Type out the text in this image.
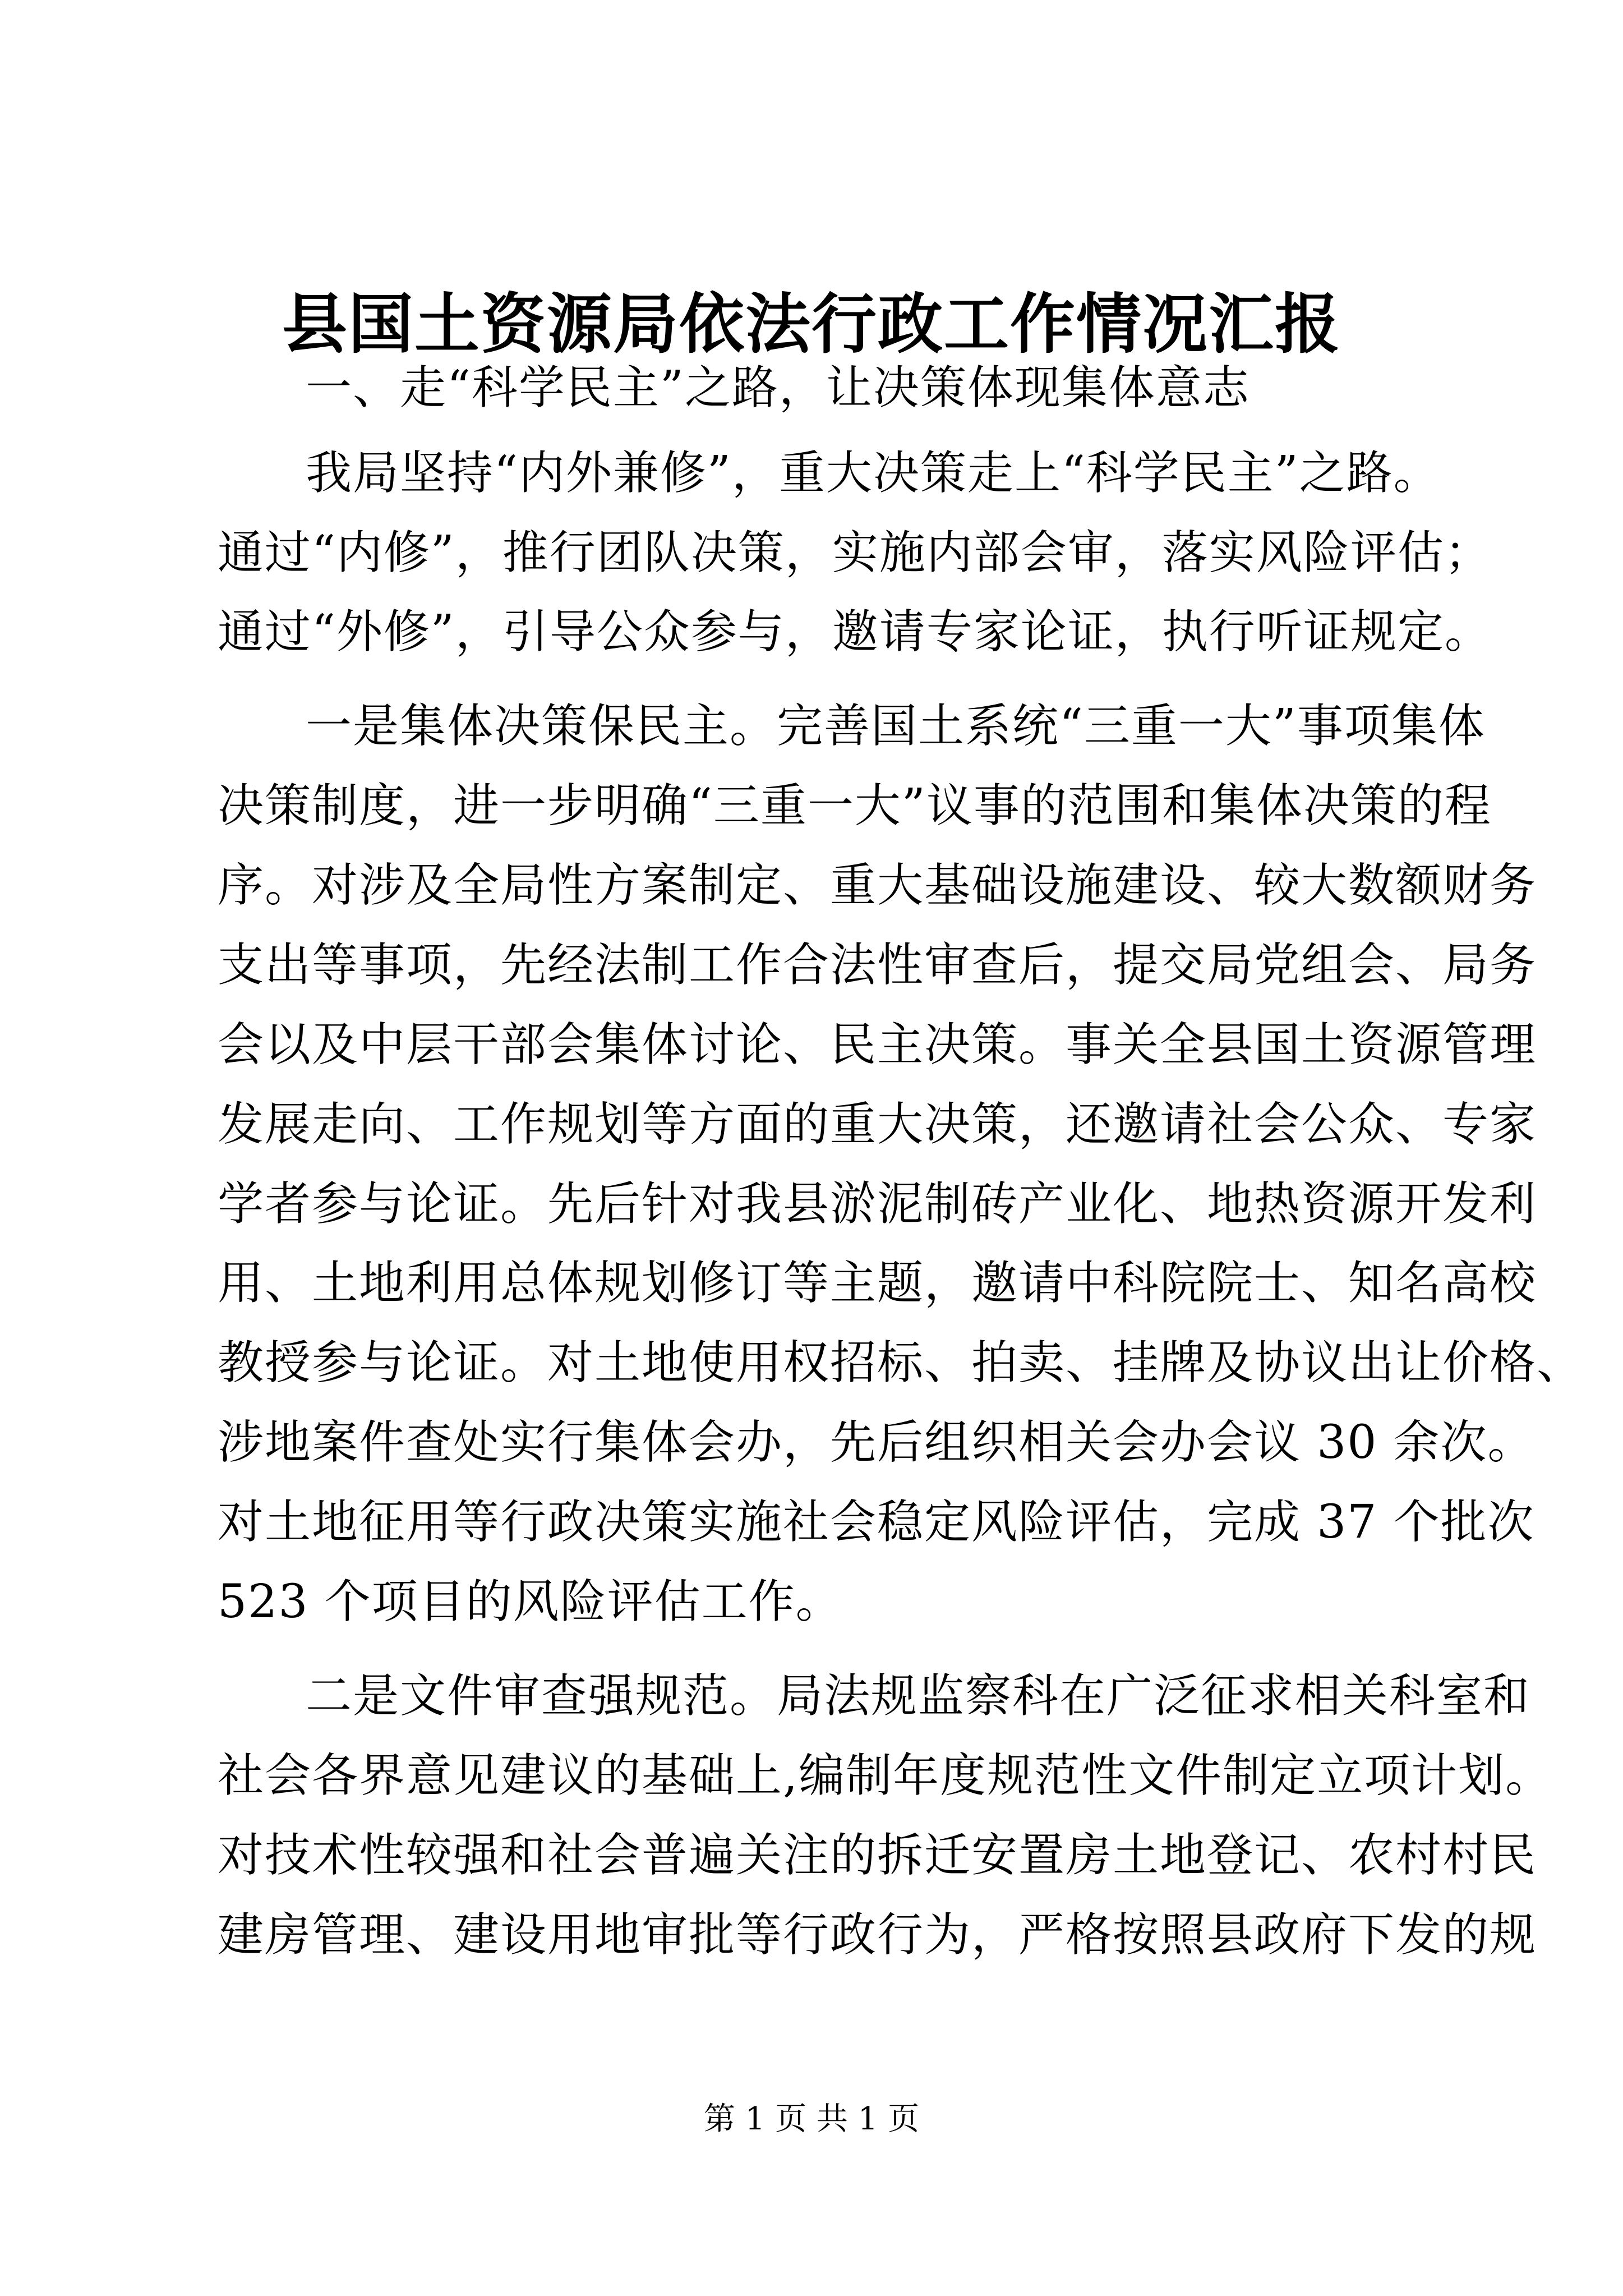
县国土资源局依法行政工作情况汇报
一、走“科学民主”之路，让决策体现集体意志
我局坚持“内外兼修”，重大决策走上“科学民主”之路。
通过“内修”，推行团队决策，实施内部会审，落实风险评估；
通过“外修”，引导公众参与，邀请专家论证，执行听证规定。
一是集体决策保民主。完善国土系统“三重一大”事项集体
决策制度，进一步明确“三重一大”议事的范围和集体决策的程
序。对涉及全局性方案制定、重大基础设施建设、较大数额财务
支出等事项，先经法制工作合法性审查后，提交局党组会、局务
会以及中层干部会集体讨论、民主决策。事关全县国土资源管理
发展走向、工作规划等方面的重大决策，还邀请社会公众、专家
学者参与论证。先后针对我县淤泥制砖产业化、地热资源开发利
用、土地利用总体规划修订等主题，邀请中科院院士、知名高校
教授参与论证。对土地使用权招标、拍卖、挂牌及协议出让价格、
涉地案件查处实行集体会办，先后组织相关会办会议 30 余次。
对土地征用等行政决策实施社会稳定风险评估，完成 37 个批次
523 个项目的风险评估工作。
二是文件审查强规范。局法规监察科在广泛征求相关科室和
社会各界意见建议的基础上,编制年度规范性文件制定立项计划。
对技术性较强和社会普遍关注的拆迁安置房土地登记、农村村民
建房管理、建设用地审批等行政行为，严格按照县政府下发的规
第 1 页 共 1 页
